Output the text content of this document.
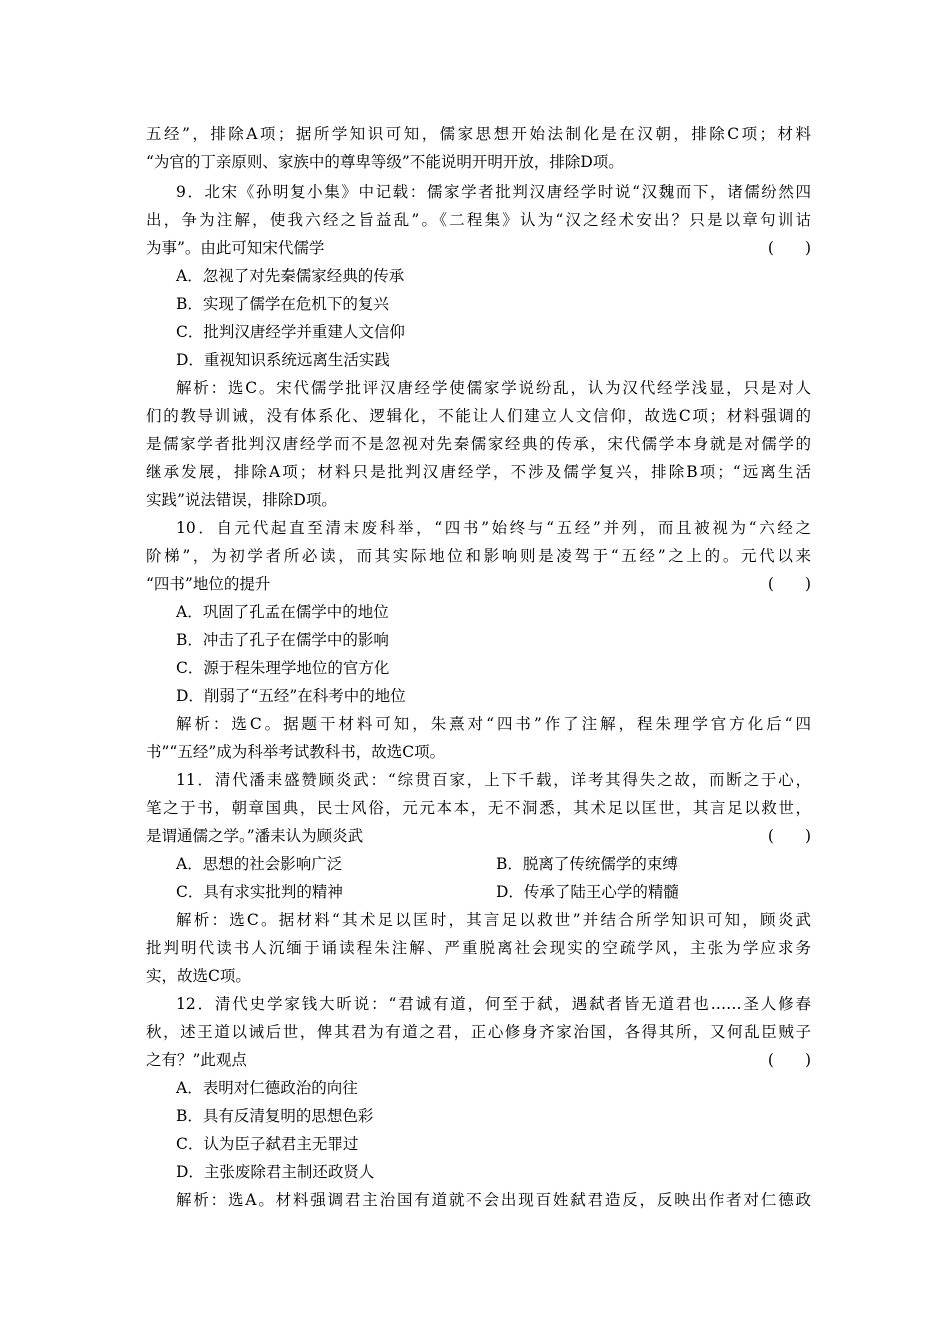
五经”，排除A项；据所学知识可知，儒家思想开始法制化是在汉朝，排除C项；材料
“为官的丁亲原则、家族中的尊卑等级”不能说明开明开放，排除D项。
9．北宋《孙明复小集》中记载：儒家学者批判汉唐经学时说“汉魏而下，诸儒纷然四
出，争为注解，使我六经之旨益乱”。《二程集》认为“汉之经术安出？只是以章句训诂
为事”。由此可知宋代儒学	(　　)
A．忽视了对先秦儒家经典的传承
B．实现了儒学在危机下的复兴
C．批判汉唐经学并重建人文信仰
D．重视知识系统远离生活实践
解析：选C。宋代儒学批评汉唐经学使儒家学说纷乱，认为汉代经学浅显，只是对人
们的教导训诫，没有体系化、逻辑化，不能让人们建立人文信仰，故选C项；材料强调的
是儒家学者批判汉唐经学而不是忽视对先秦儒家经典的传承，宋代儒学本身就是对儒学的
继承发展，排除A项；材料只是批判汉唐经学，不涉及儒学复兴，排除B项；“远离生活
实践”说法错误，排除D项。
10．自元代起直至清末废科举，“四书”始终与“五经”并列，而且被视为“六经之
阶梯”，为初学者所必读，而其实际地位和影响则是凌驾于“五经”之上的。元代以来
“四书”地位的提升	(　　)
A．巩固了孔孟在儒学中的地位
B．冲击了孔子在儒学中的影响
C．源于程朱理学地位的官方化
D．削弱了“五经”在科考中的地位
解析：选C。据题干材料可知，朱熹对“四书”作了注解，程朱理学官方化后“四
书”“五经”成为科举考试教科书，故选C项。
11．清代潘耒盛赞顾炎武：“综贯百家，上下千载，详考其得失之故，而断之于心，
笔之于书，朝章国典，民士风俗，元元本本，无不洞悉，其术足以匡世，其言足以救世，
是谓通儒之学。”潘耒认为顾炎武	(　　)
A．思想的社会影响广泛	B．脱离了传统儒学的束缚
C．具有求实批判的精神	D．传承了陆王心学的精髓
解析：选C。据材料“其术足以匡时，其言足以救世”并结合所学知识可知，顾炎武
批判明代读书人沉缅于诵读程朱注解、严重脱离社会现实的空疏学风，主张为学应求务
实，故选C项。
12．清代史学家钱大昕说：“君诚有道，何至于弑，遇弑者皆无道君也……圣人修春
秋，述王道以诫后世，俾其君为有道之君，正心修身齐家治国，各得其所，又何乱臣贼子
之有？”此观点	(　　)
A．表明对仁德政治的向往
B．具有反清复明的思想色彩
C．认为臣子弑君主无罪过
D．主张废除君主制还政贤人
解析：选A。材料强调君主治国有道就不会出现百姓弑君造反，反映出作者对仁德政
